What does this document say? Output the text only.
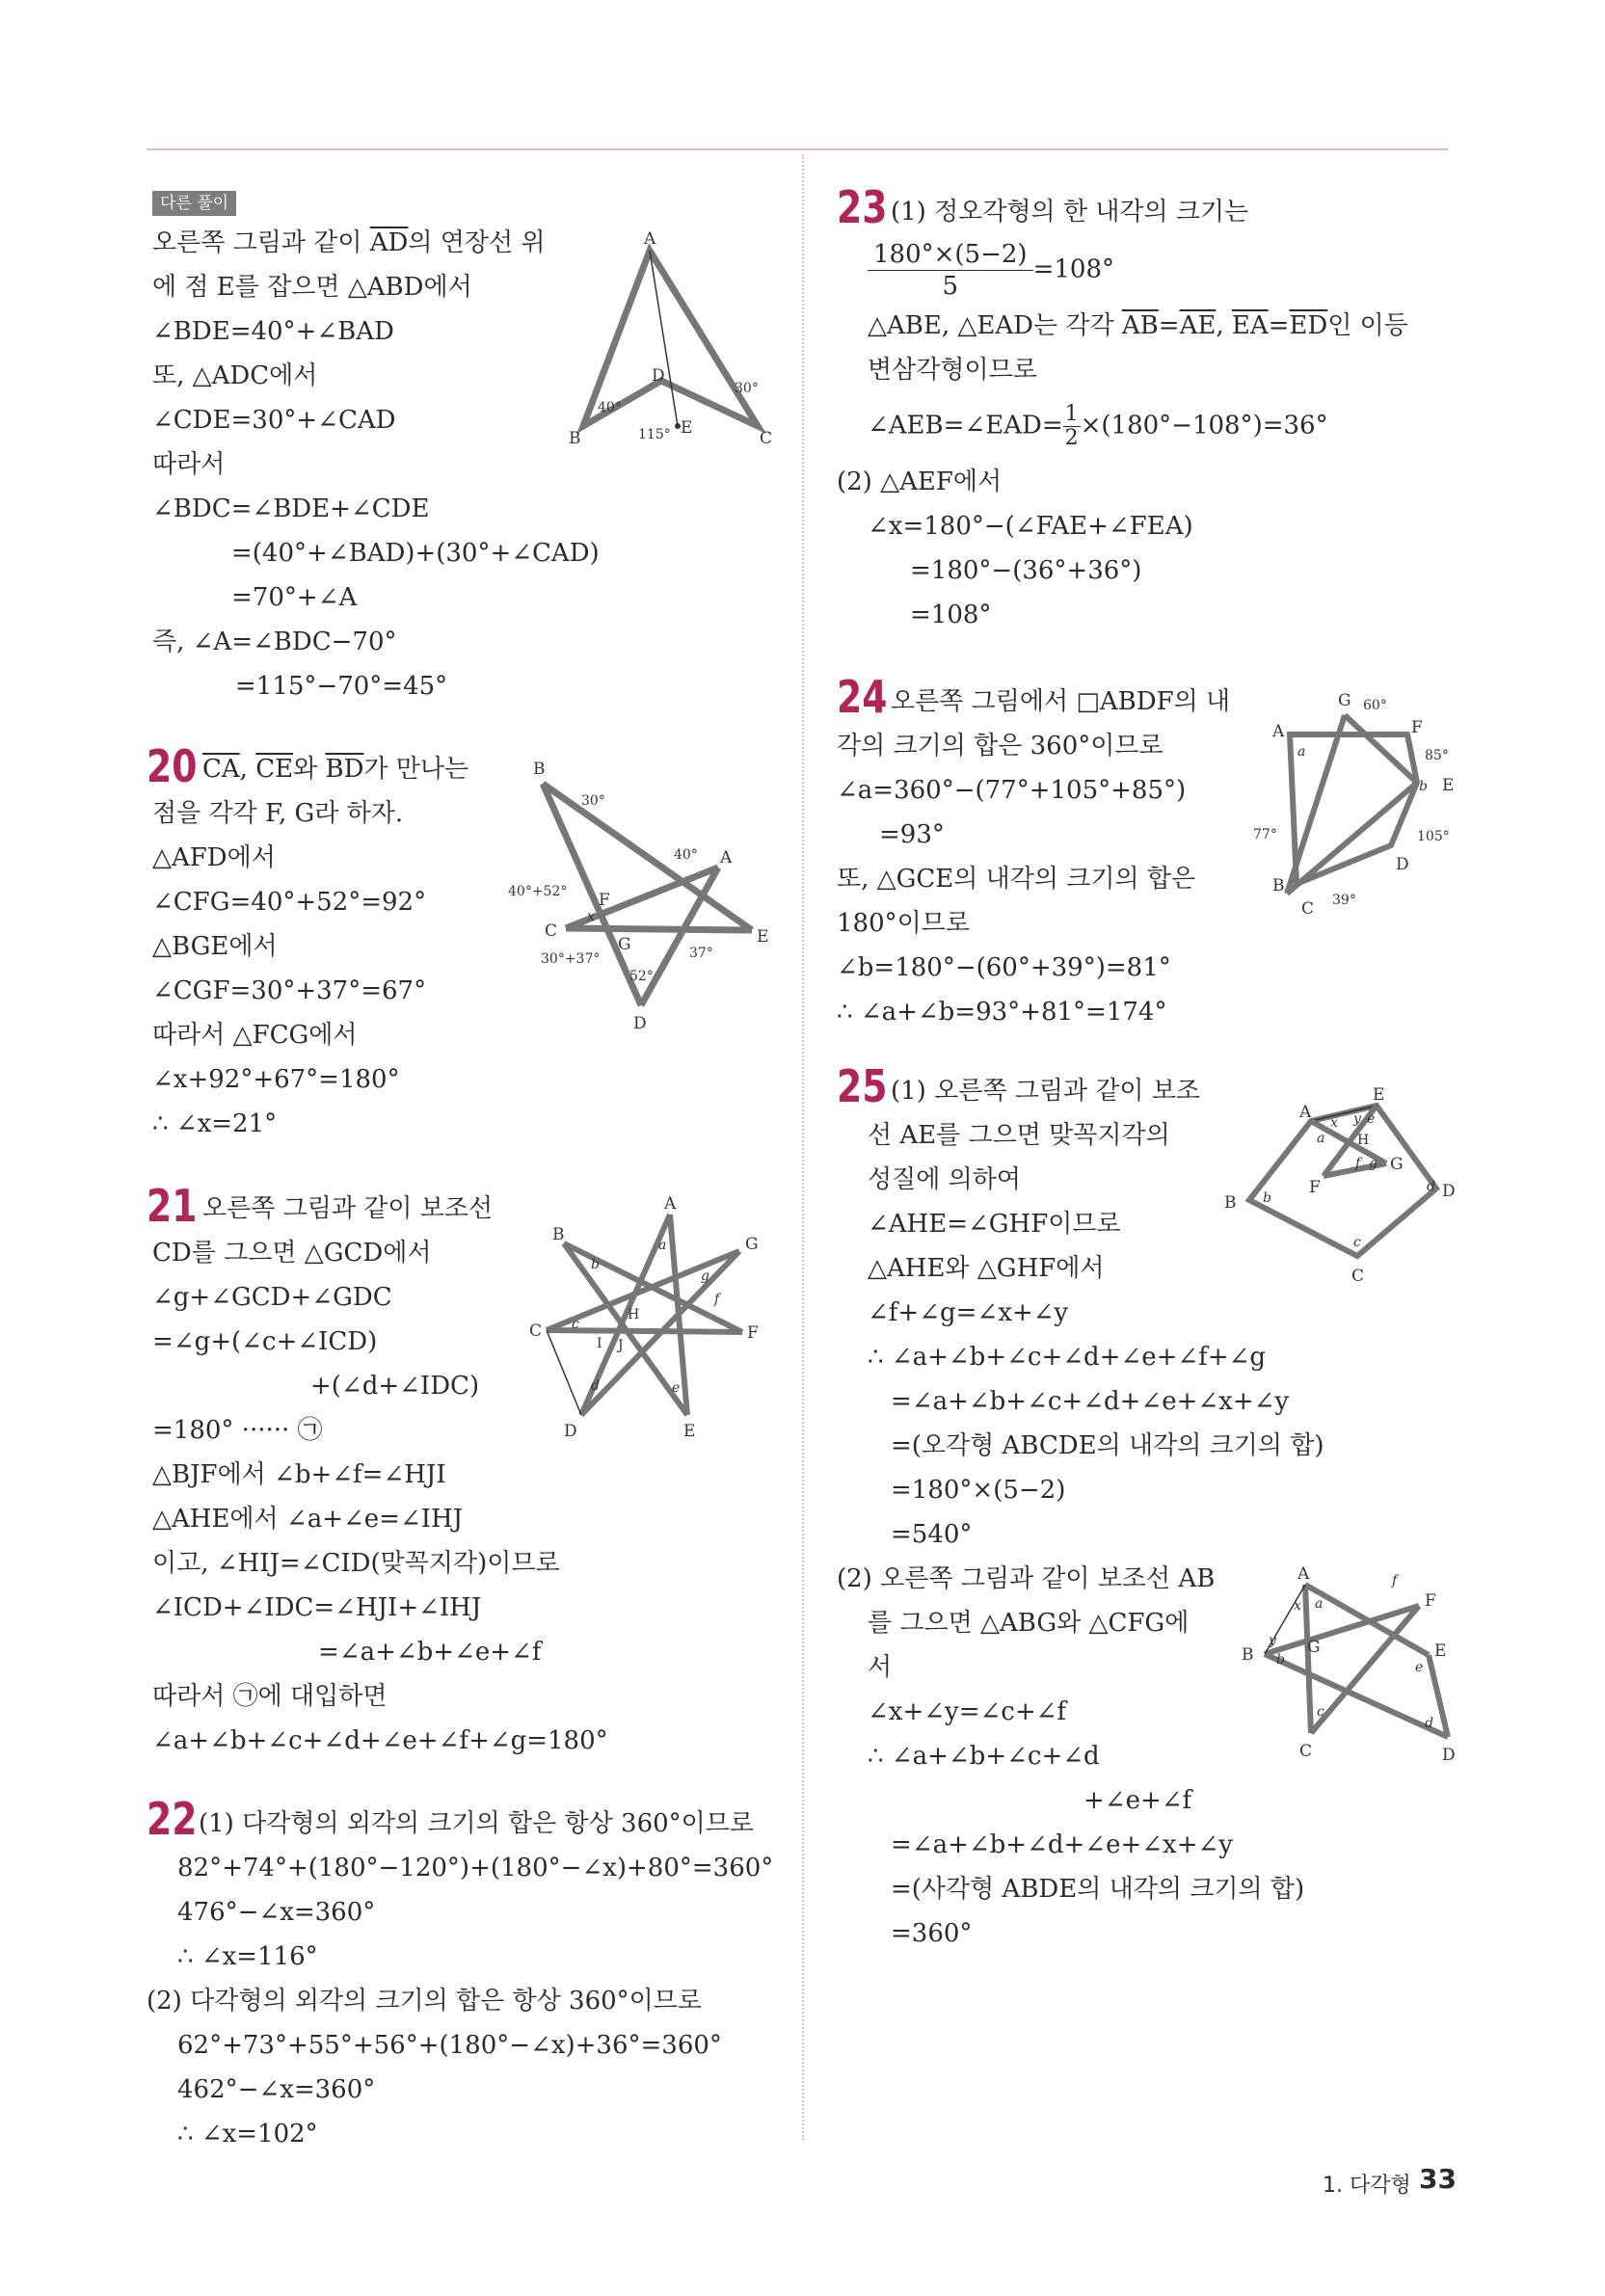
다른 풀이
오른쪽 그림과 같이 $\overline{AD}$의 연장선 위
에 점 E를 잡으면 △ABD에서
∠BDE=40°+∠BAD
또, △ADC에서
∠CDE=30°+∠CAD
따라서
∠BDC=∠BDE+∠CDE
=(40°+∠BAD)+(30°+∠CAD)
=70°+∠A
즉, ∠A=∠BDC−70°
=115°−70°=45°
A
B	C
D
E
40°
30°
115°
20 $\overline{CA}$, $\overline{CE}$와 $\overline{BD}$가 만나는
점을 각각 F, G라 하자.
△AFD에서
∠CFG=40°+52°=92°
△BGE에서
∠CGF=30°+37°=67°
따라서 △FCG에서
∠x+92°+67°=180°
∴ ∠x=21°
B
A
E
D
C
F
G
x
30°
40°
40°+52°
30°+37°	37°
52°
21 오른쪽 그림과 같이 보조선
CD를 그으면 △GCD에서
∠g+∠GCD+∠GDC
=∠g+(∠c+∠ICD)
+(∠d+∠IDC)
=180° ······ ㉠
△BJF에서 ∠b+∠f=∠HJI
△AHE에서 ∠a+∠e=∠IHJ
이고, ∠HIJ=∠CID(맞꼭지각)이므로
∠ICD+∠IDC=∠HJI+∠IHJ
=∠a+∠b+∠e+∠f
따라서 ㉠에 대입하면
∠a+∠b+∠c+∠d+∠e+∠f+∠g=180°
A
B	G
C	F
D	E
H
I J
a
b
c
d	e
f
g
22 (1) 다각형의 외각의 크기의 합은 항상 360°이므로
82°+74°+(180°−120°)+(180°−∠x)+80°=360°
476°−∠x=360°
∴ ∠x=116°
(2) 다각형의 외각의 크기의 합은 항상 360°이므로
62°+73°+55°+56°+(180°−∠x)+36°=360°
462°−∠x=360°
∴ ∠x=102°
23 (1) 정오각형의 한 내각의 크기는
$\frac{180^\circ\times(5-2)}{5} =108^\circ$
△ABE, △EAD는 각각 $\overline{AB}=\overline{AE}$, $\overline{EA}=\overline{ED}$인 이등
변삼각형이므로
∠AEB=∠EAD= $\frac{1}{2} \times(180^\circ-108^\circ)=36^\circ$
(2) △AEF에서
∠x=180°−(∠FAE+∠FEA)
=180°−(36°+36°)
=108°
24 오른쪽 그림에서 □ABDF의 내
각의 크기의 합은 360°이므로
∠a=360°−(77°+105°+85°)
=93°
또, △GCE의 내각의 크기의 합은
180°이므로
∠b=180°−(60°+39°)=81°
∴ ∠a+∠b=93°+81°=174°
G
A	F
E
D
B
C
a
b
60°
85°
77°	105°
39°
25 (1) 오른쪽 그림과 같이 보조
선 AE를 그으면 맞꼭지각의
성질에 의하여
∠AHE=∠GHF이므로
△AHE와 △GHF에서
∠f+∠g=∠x+∠y
∴ ∠a+∠b+∠c+∠d+∠e+∠f+∠g
=∠a+∠b+∠c+∠d+∠e+∠x+∠y
=(오각형 ABCDE의 내각의 크기의 합)
=180°×(5−2)
=540°
(2) 오른쪽 그림과 같이 보조선 AB
를 그으면 △ABG와 △CFG에
서
∠x+∠y=∠c+∠f
∴ ∠a+∠b+∠c+∠d
+∠e+∠f
=∠a+∠b+∠d+∠e+∠x+∠y
=(사각형 ABDE의 내각의 크기의 합)
=360°
A
E
D
C
B
F
G
H
x y
a
e
f g
b
d
c
A
F
E
D
C
B	G
f
x a
y
b	e
c
d
1. 다각형 33
